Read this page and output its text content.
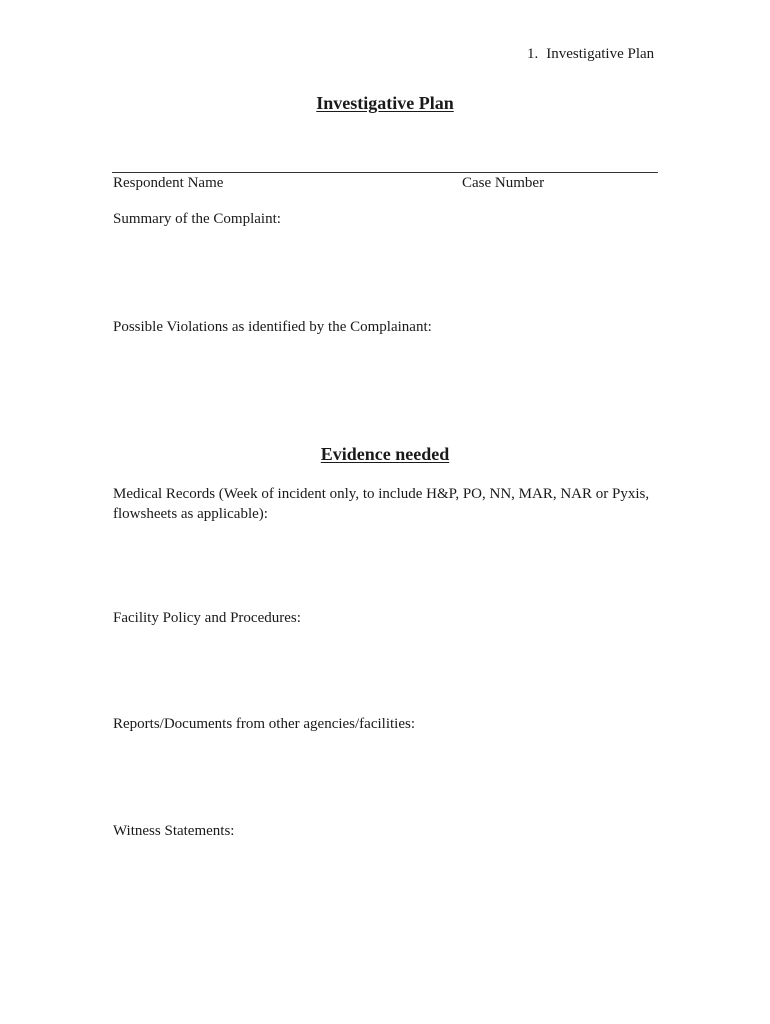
1. Investigative Plan
Investigative Plan
Respondent Name	Case Number
Summary of the Complaint:
Possible Violations as identified by the Complainant:
Evidence needed
Medical Records (Week of incident only, to include H&P, PO, NN, MAR, NAR or Pyxis, flowsheets as applicable):
Facility Policy and Procedures:
Reports/Documents from other agencies/facilities:
Witness Statements:
